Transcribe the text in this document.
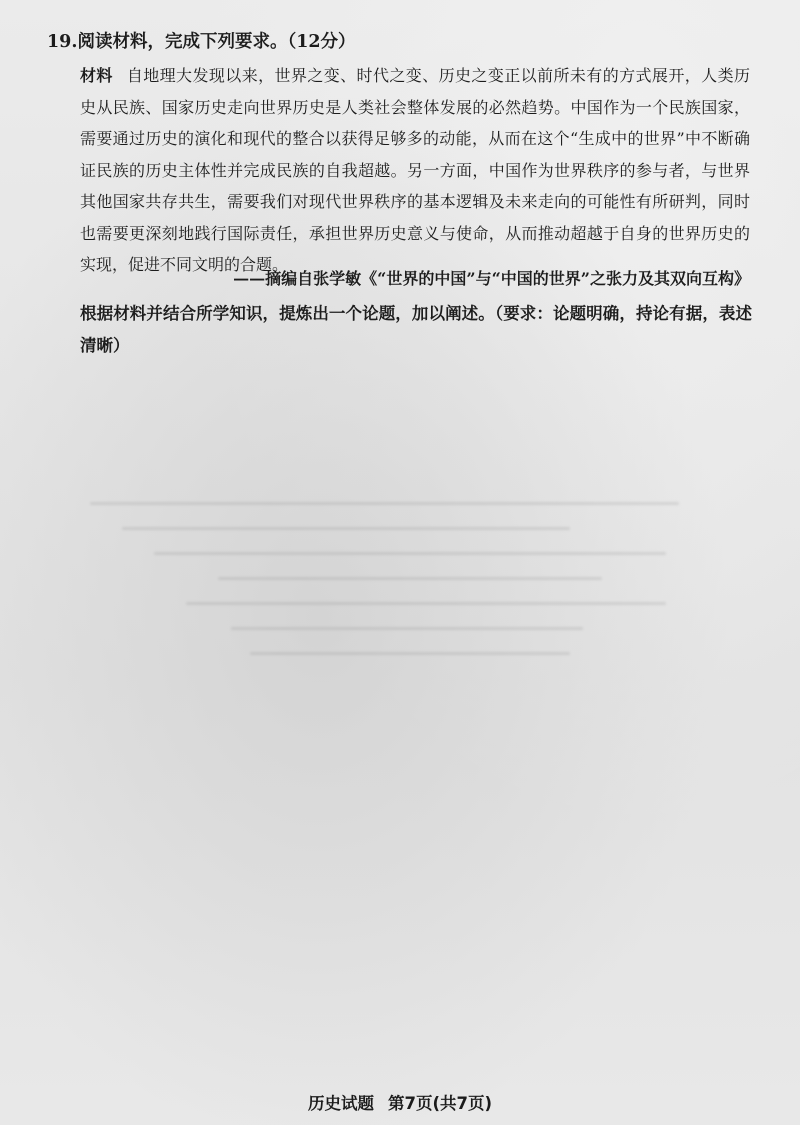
19.阅读材料，完成下列要求。（12分）
材料 自地理大发现以来，世界之变、时代之变、历史之变正以前所未有的方式展开，人类历史从民族、国家历史走向世界历史是人类社会整体发展的必然趋势。中国作为一个民族国家，需要通过历史的演化和现代的整合以获得足够多的动能，从而在这个“生成中的世界”中不断确证民族的历史主体性并完成民族的自我超越。另一方面，中国作为世界秩序的参与者，与世界其他国家共存共生，需要我们对现代世界秩序的基本逻辑及未来走向的可能性有所研判，同时也需要更深刻地践行国际责任，承担世界历史意义与使命，从而推动超越于自身的世界历史的实现，促进不同文明的合题。
——摘编自张学敏《“世界的中国”与“中国的世界”之张力及其双向互构》
根据材料并结合所学知识，提炼出一个论题，加以阐述。（要求：论题明确，持论有据，表述清晰）
历史试题 第7页(共7页)
